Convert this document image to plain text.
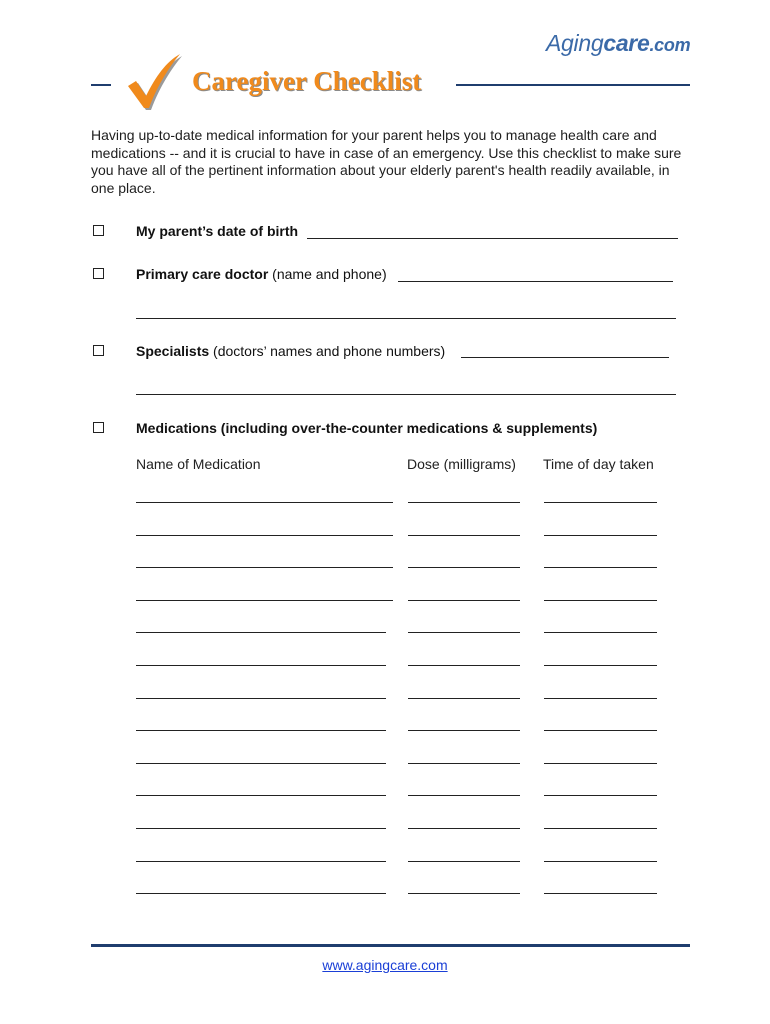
Agingcare.com
Caregiver Checklist
Having up-to-date medical information for your parent helps you to manage health care and medications -- and it is crucial to have in case of an emergency. Use this checklist to make sure you have all of the pertinent information about your elderly parent's health readily available, in one place.
My parent’s date of birth
Primary care doctor (name and phone)
Specialists (doctors’ names and phone numbers)
Medications (including over-the-counter medications & supplements)
Name of Medication	Dose (milligrams) Time of day taken
www.agingcare.com
